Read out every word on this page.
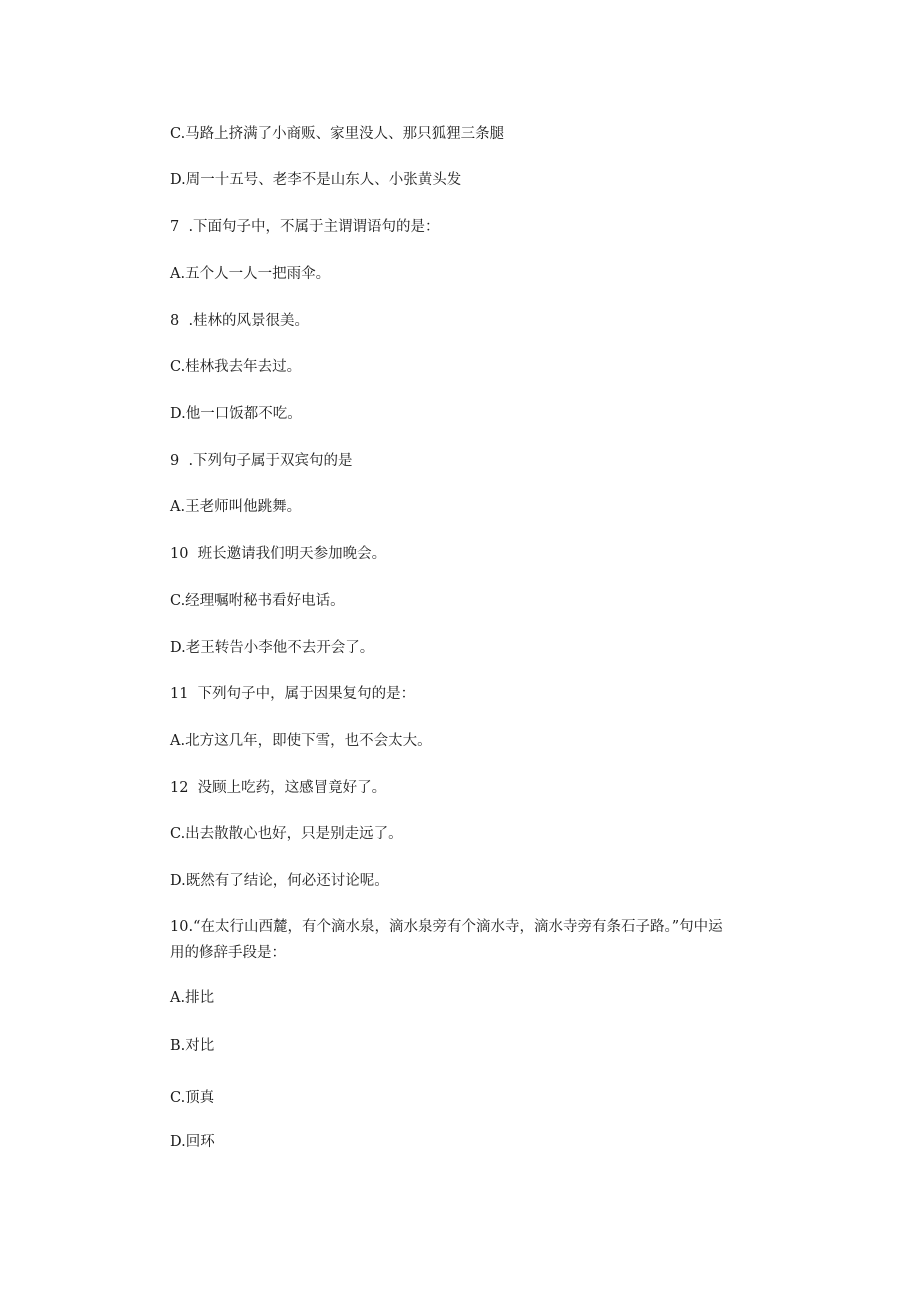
C.马路上挤满了小商贩、家里没人、那只狐狸三条腿
D.周一十五号、老李不是山东人、小张黄头发
7  .下面句子中，不属于主谓谓语句的是：
A.五个人一人一把雨伞。
8  .桂林的风景很美。
C.桂林我去年去过。
D.他一口饭都不吃。
9  .下列句子属于双宾句的是
A.王老师叫他跳舞。
10  班长邀请我们明天参加晚会。
C.经理嘱咐秘书看好电话。
D.老王转告小李他不去开会了。
11  下列句子中，属于因果复句的是：
A.北方这几年，即使下雪，也不会太大。
12  没顾上吃药，这感冒竟好了。
C.出去散散心也好，只是别走远了。
D.既然有了结论，何必还讨论呢。
10.“在太行山西麓，有个滴水泉，滴水泉旁有个滴水寺，滴水寺旁有条石子路。”句中运
用的修辞手段是：
A.排比
B.对比
C.顶真
D.回环
